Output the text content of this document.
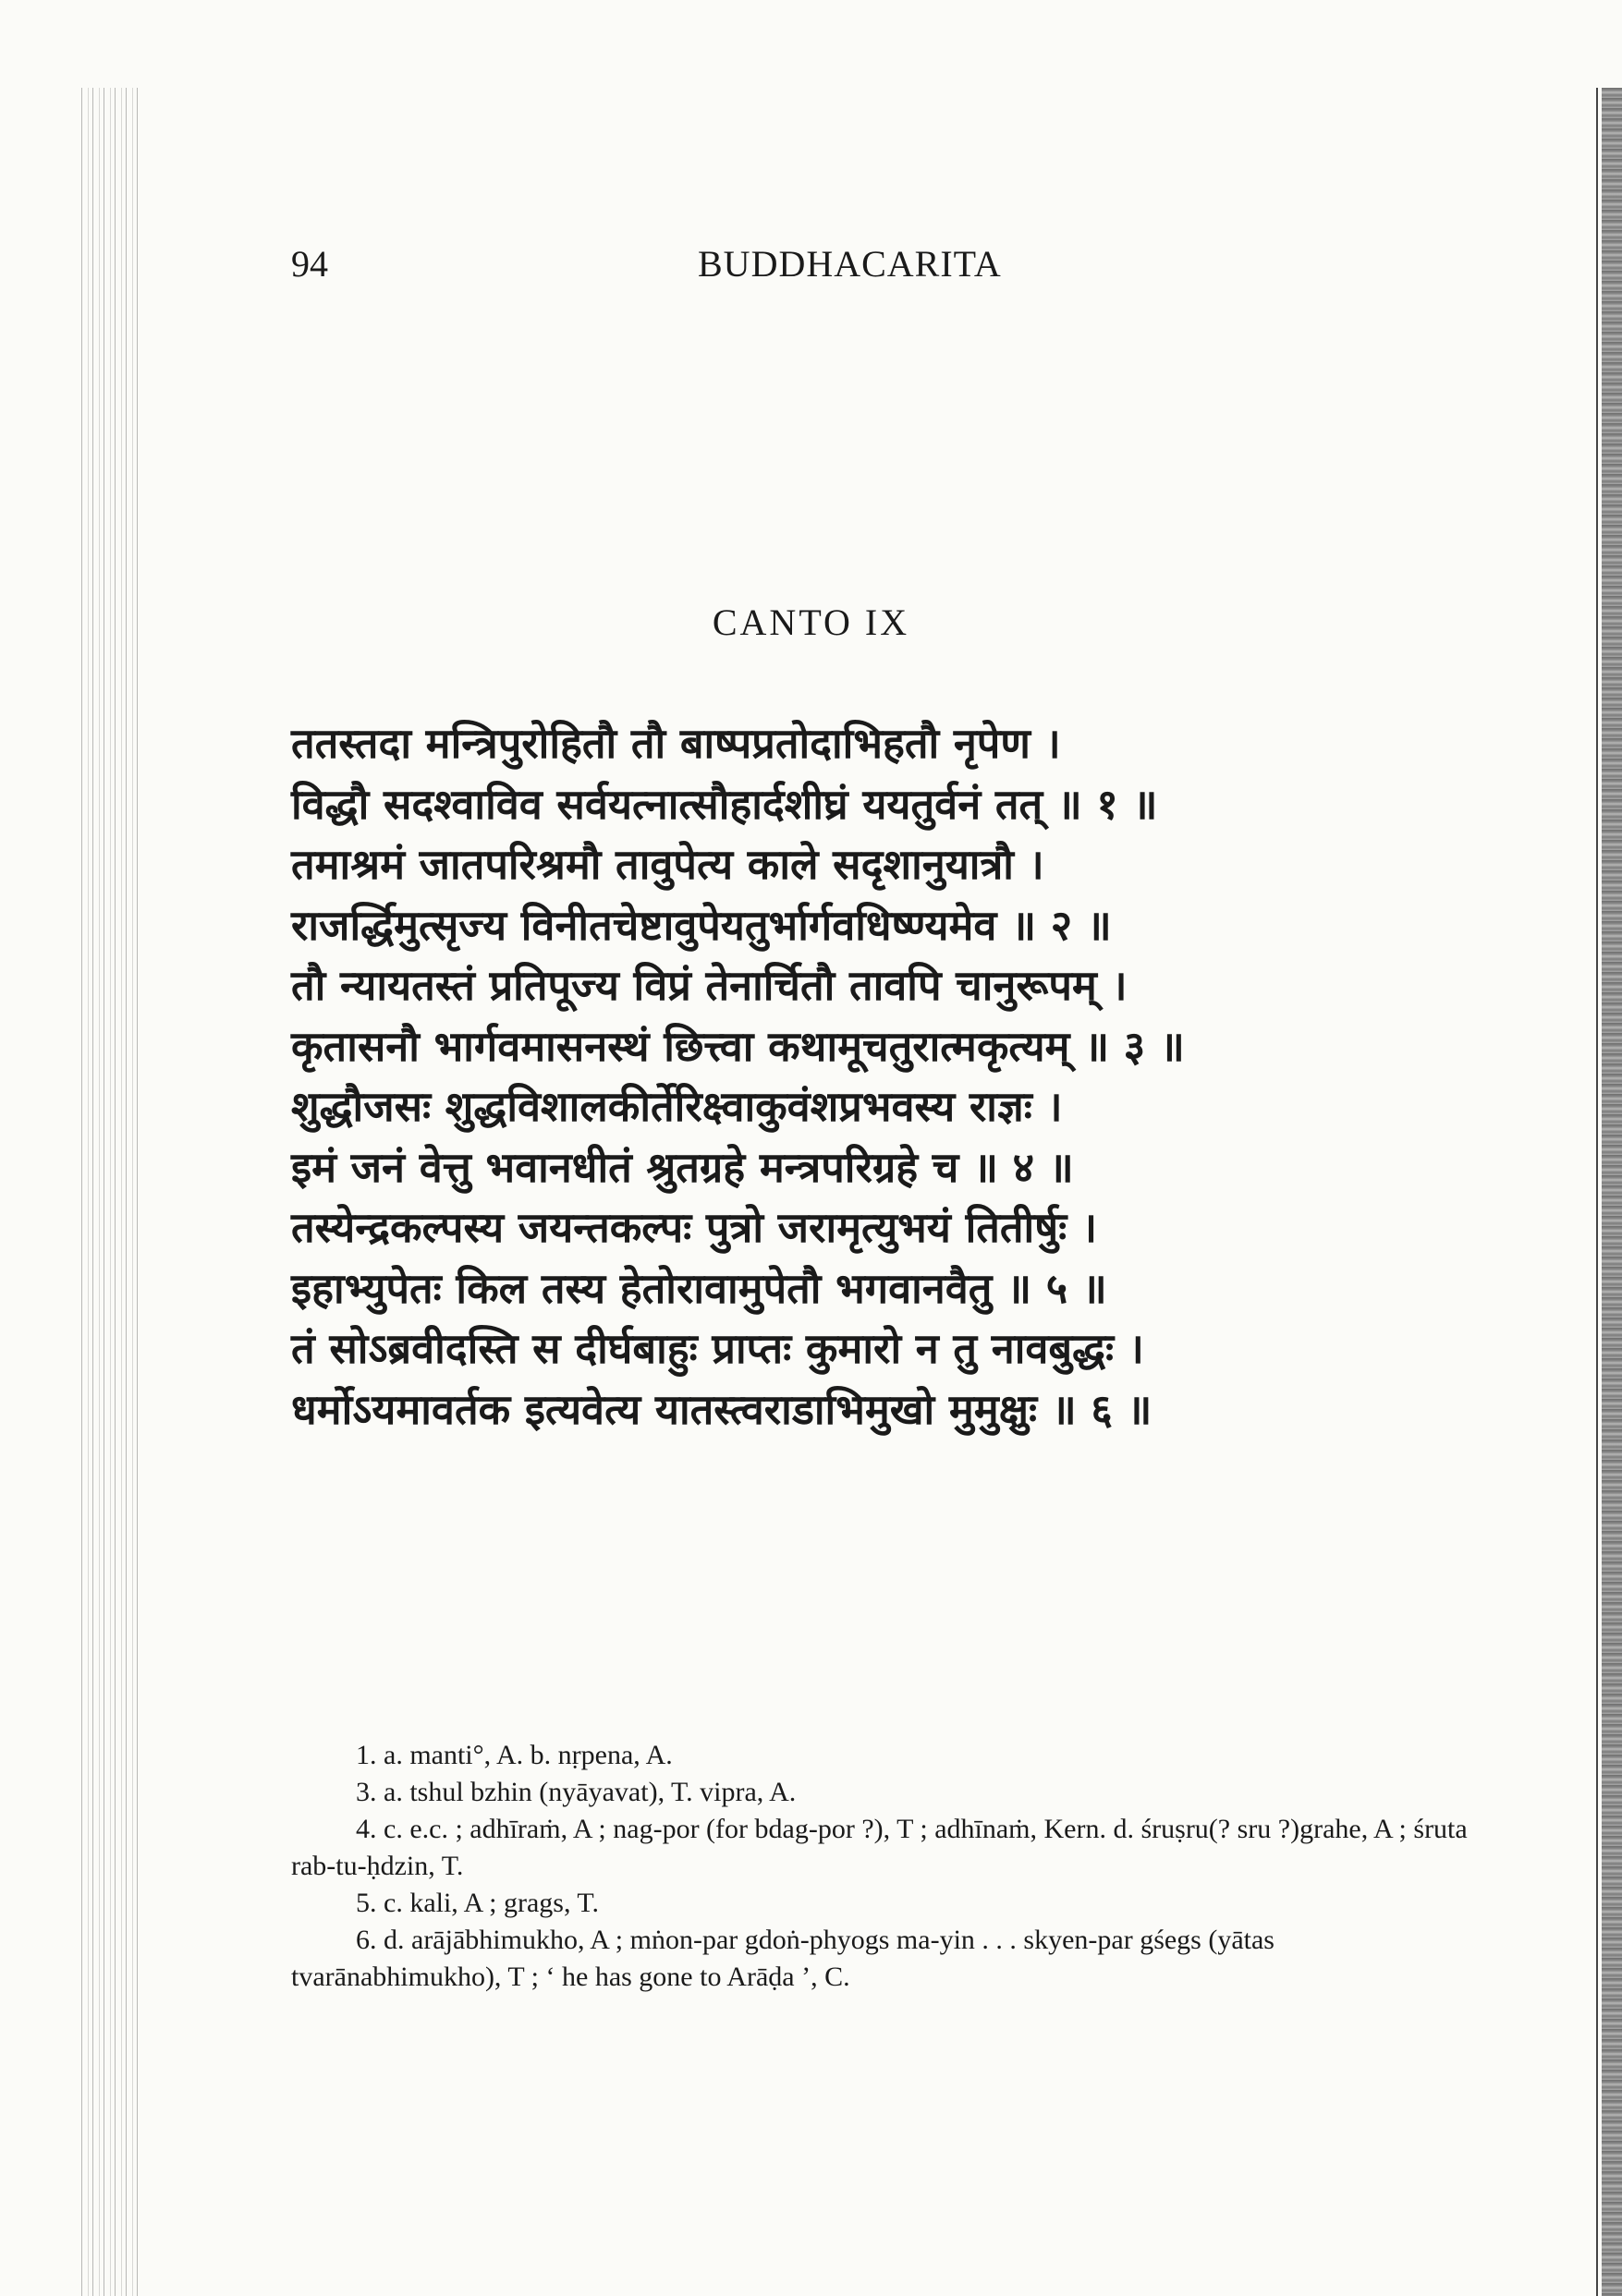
94	BUDDHACARITA
CANTO IX
ततस्तदा मन्त्रिपुरोहितौ तौ बाष्पप्रतोदाभिहतौ नृपेण ।
विद्धौ सदश्वाविव सर्वयत्नात्सौहार्दशीघ्रं ययतुर्वनं तत् ॥ १ ॥
तमाश्रमं जातपरिश्रमौ तावुपेत्य काले सदृशानुयात्रौ ।
राजर्द्धिमुत्सृज्य विनीतचेष्टावुपेयतुर्भार्गवधिष्ण्यमेव ॥ २ ॥
तौ न्यायतस्तं प्रतिपूज्य विप्रं तेनार्चितौ तावपि चानुरूपम् ।
कृतासनौ भार्गवमासनस्थं छित्त्वा कथामूचतुरात्मकृत्यम् ॥ ३ ॥
शुद्धौजसः शुद्धविशालकीर्तेरिक्ष्वाकुवंशप्रभवस्य राज्ञः ।
इमं जनं वेत्तु भवानधीतं श्रुतग्रहे मन्त्रपरिग्रहे च ॥ ४ ॥
तस्येन्द्रकल्पस्य जयन्तकल्पः पुत्रो जरामृत्युभयं तितीर्षुः ।
इहाभ्युपेतः किल तस्य हेतोरावामुपेतौ भगवानवैतु ॥ ५ ॥
तं सोऽब्रवीदस्ति स दीर्घबाहुः प्राप्तः कुमारो न तु नावबुद्धः ।
धर्मोऽयमावर्तक इत्यवेत्य यातस्त्वराडाभिमुखो मुमुक्षुः ॥ ६ ॥
1. a. manti°, A. b. nṛpena, A.
3. a. tshul bzhin (nyāyavat), T. vipra, A.
4. c. e.c. ; adhīraṁ, A ; nag-por (for bdag-por ?), T ; adhīnaṁ, Kern. d. śruṣru(? sru ?)grahe, A ; śruta rab-tu-ḥdzin, T.
5. c. kali, A ; grags, T.
6. d. arājābhimukho, A ; mṅon-par gdoṅ-phyogs ma-yin . . . skyen-par gśegs (yātas tvarānabhimukho), T ; ‘ he has gone to Arāḍa ’, C.
